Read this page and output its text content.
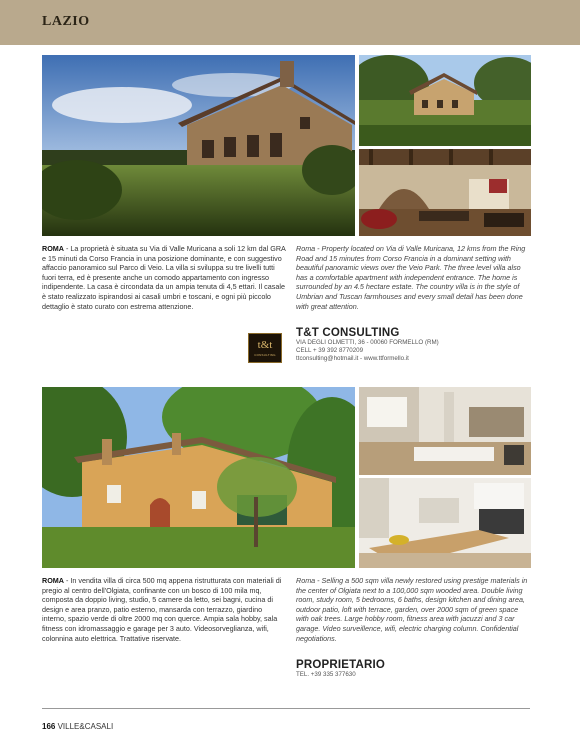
LAZIO
ROMA - La proprietà è situata su Via di Valle Muricana a soli 12 km dal GRA e 15 minuti da Corso Francia in una posizione dominante, e con suggestivo affaccio panoramico sul Parco di Veio. La villa si sviluppa su tre livelli tutti fuori terra, ed è presente anche un comodo appartamento con ingresso indipendente. La casa è circondata da un ampia tenuta di 4,5 ettari. Il casale è stato realizzato ispirandosi ai casali umbri e toscani, e ogni più piccolo dettaglio è stato curato con estrema attenzione.
Roma - Property located on Via di Valle Muricana, 12 kms from the Ring Road and 15 minutes from Corso Francia in a dominant setting with beautiful panoramic views over the Veio Park. The three level villa also has a comfortable apartment with independent entrance. The home is surrounded by an 4.5 hectare estate. The country villa is in the style of Umbrian and Tuscan farmhouses and every small detail has been done with great attention.
t&t
CONSULTING
T&T CONSULTING
VIA DEGLI OLMETTI, 36 - 00060 FORMELLO (RM)
CELL + 39 392 8770209
ttconsulting@hotmail.it - www.ttformello.it
ROMA - In vendita villa di circa 500 mq appena ristrutturata con materiali di pregio al centro dell'Olgiata, confinante con un bosco di 100 mila mq, composta da doppio living, studio, 5 camere da letto, sei bagni, cucina di design e area pranzo, patio esterno, mansarda con terrazzo, giardino interno, spazio verde di oltre 2000 mq con querce. Ampia sala hobby, sala fitness con idromassaggio e garage per 3 auto. Videosorveglianza, wifi, colonnina auto elettrica. Trattative riservate.
Roma - Selling a 500 sqm villa newly restored using prestige materials in the center of Olgiata next to a 100,000 sqm wooded area. Double living room, study room, 5 bedrooms, 6 baths, design kitchen and dining area, outdoor patio, loft with terrace, garden, over 2000 sqm of green space with oak trees. Large hobby room, fitness area with jacuzzi and 3 car garage. Video surveillence, wifi, electric charging column. Confidential negotiations.
PROPRIETARIO
TEL. +39 335 377630
166 VILLE&CASALI
